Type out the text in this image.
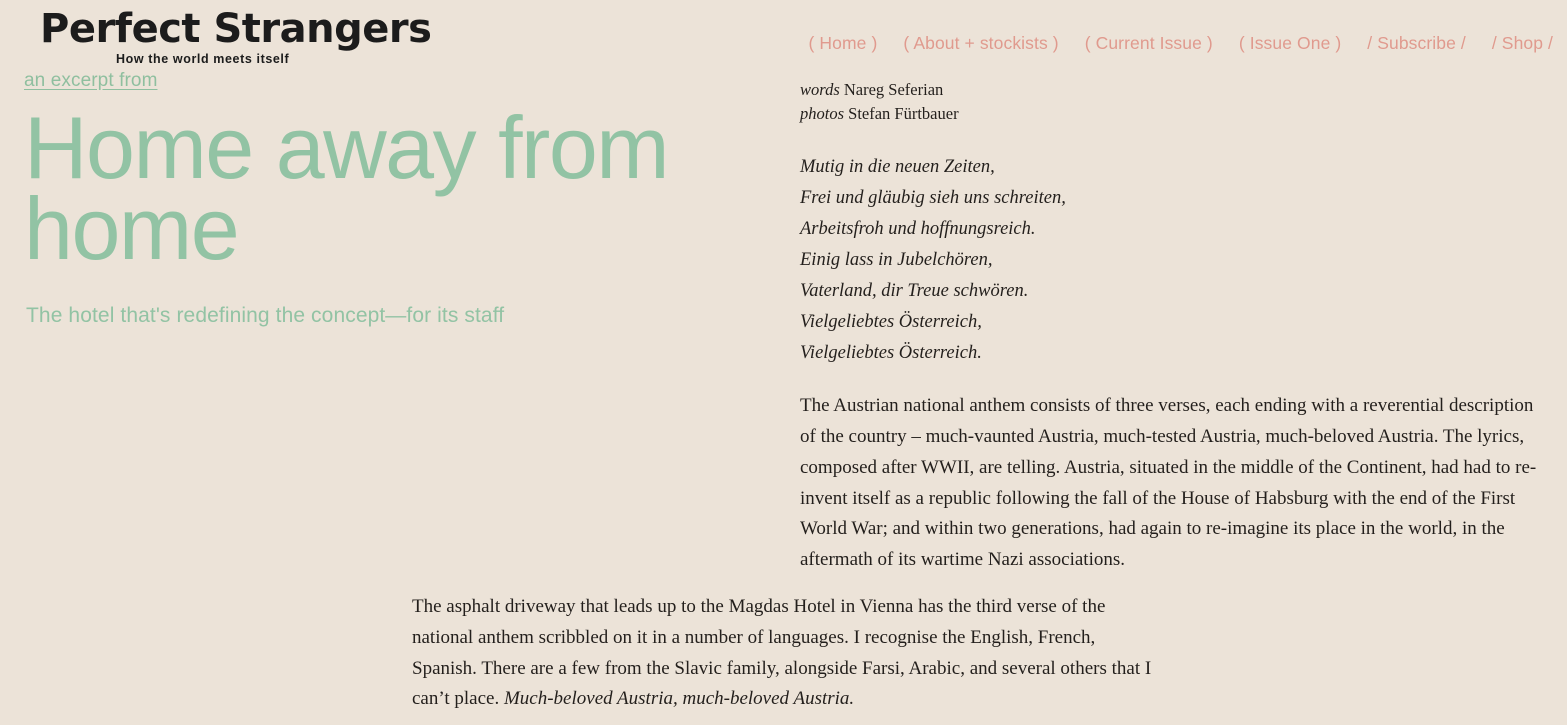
Perfect Strangers
How the world meets itself
( Home ) ( About + stockists ) ( Current Issue ) ( Issue One ) / Subscribe / / Shop /
an excerpt from
Home away from home
The hotel that's redefining the concept—for its staff
words Nareg Seferian
photos Stefan Fürtbauer
Mutig in die neuen Zeiten,
Frei und gläubig sieh uns schreiten,
Arbeitsfroh und hoffnungsreich.
Einig lass in Jubelchören,
Vaterland, dir Treue schwören.
Vielgeliebtes Österreich,
Vielgeliebtes Österreich.

The Austrian national anthem consists of three verses, each ending with a reverential description of the country – much-vaunted Austria, much-tested Austria, much-beloved Austria. The lyrics, composed after WWII, are telling. Austria, situated in the middle of the Continent, had had to re-invent itself as a republic following the fall of the House of Habsburg with the end of the First World War; and within two generations, had again to re-imagine its place in the world, in the aftermath of its wartime Nazi associations.

The asphalt driveway that leads up to the Magdas Hotel in Vienna has the third verse of the national anthem scribbled on it in a number of languages. I recognise the English, French, Spanish. There are a few from the Slavic family, alongside Farsi, Arabic, and several others that I can’t place. Much-beloved Austria, much-beloved Austria.
